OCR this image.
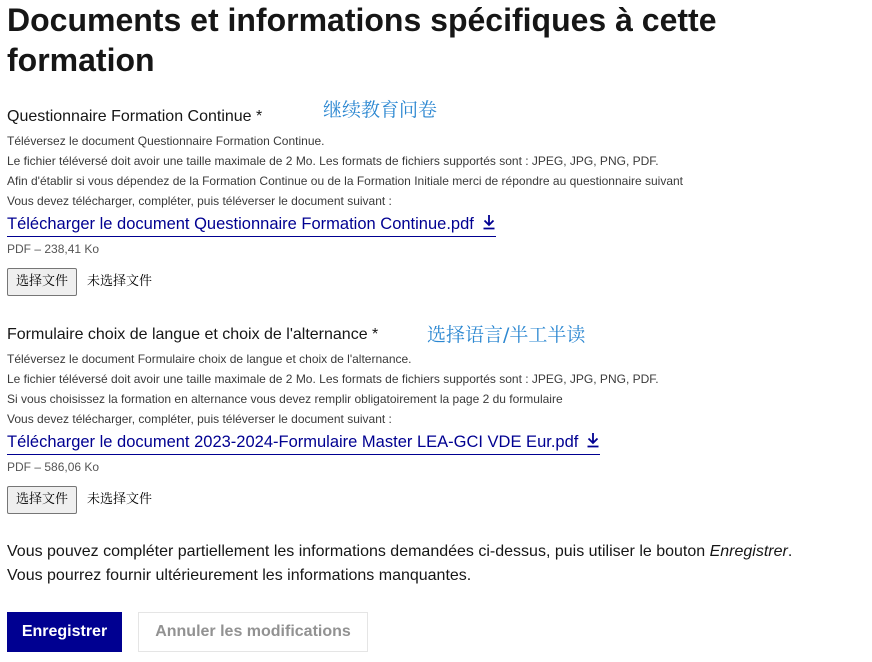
Documents et informations spécifiques à cette formation
Questionnaire Formation Continue *	继续教育问卷
Téléversez le document Questionnaire Formation Continue.
Le fichier téléversé doit avoir une taille maximale de 2 Mo. Les formats de fichiers supportés sont : JPEG, JPG, PNG, PDF.
Afin d'établir si vous dépendez de la Formation Continue ou de la Formation Initiale merci de répondre au questionnaire suivant
Vous devez télécharger, compléter, puis téléverser le document suivant :
Télécharger le document Questionnaire Formation Continue.pdf
PDF – 238,41 Ko
选择文件	未选择文件
Formulaire choix de langue et choix de l'alternance *	选择语言/半工半读
Téléversez le document Formulaire choix de langue et choix de l'alternance.
Le fichier téléversé doit avoir une taille maximale de 2 Mo. Les formats de fichiers supportés sont : JPEG, JPG, PNG, PDF.
Si vous choisissez la formation en alternance vous devez remplir obligatoirement la page 2 du formulaire
Vous devez télécharger, compléter, puis téléverser le document suivant :
Télécharger le document 2023-2024-Formulaire Master LEA-GCI VDE Eur.pdf
PDF – 586,06 Ko
选择文件	未选择文件
Vous pouvez compléter partiellement les informations demandées ci-dessus, puis utiliser le bouton Enregistrer.
Vous pourrez fournir ultérieurement les informations manquantes.
Enregistrer	Annuler les modifications
